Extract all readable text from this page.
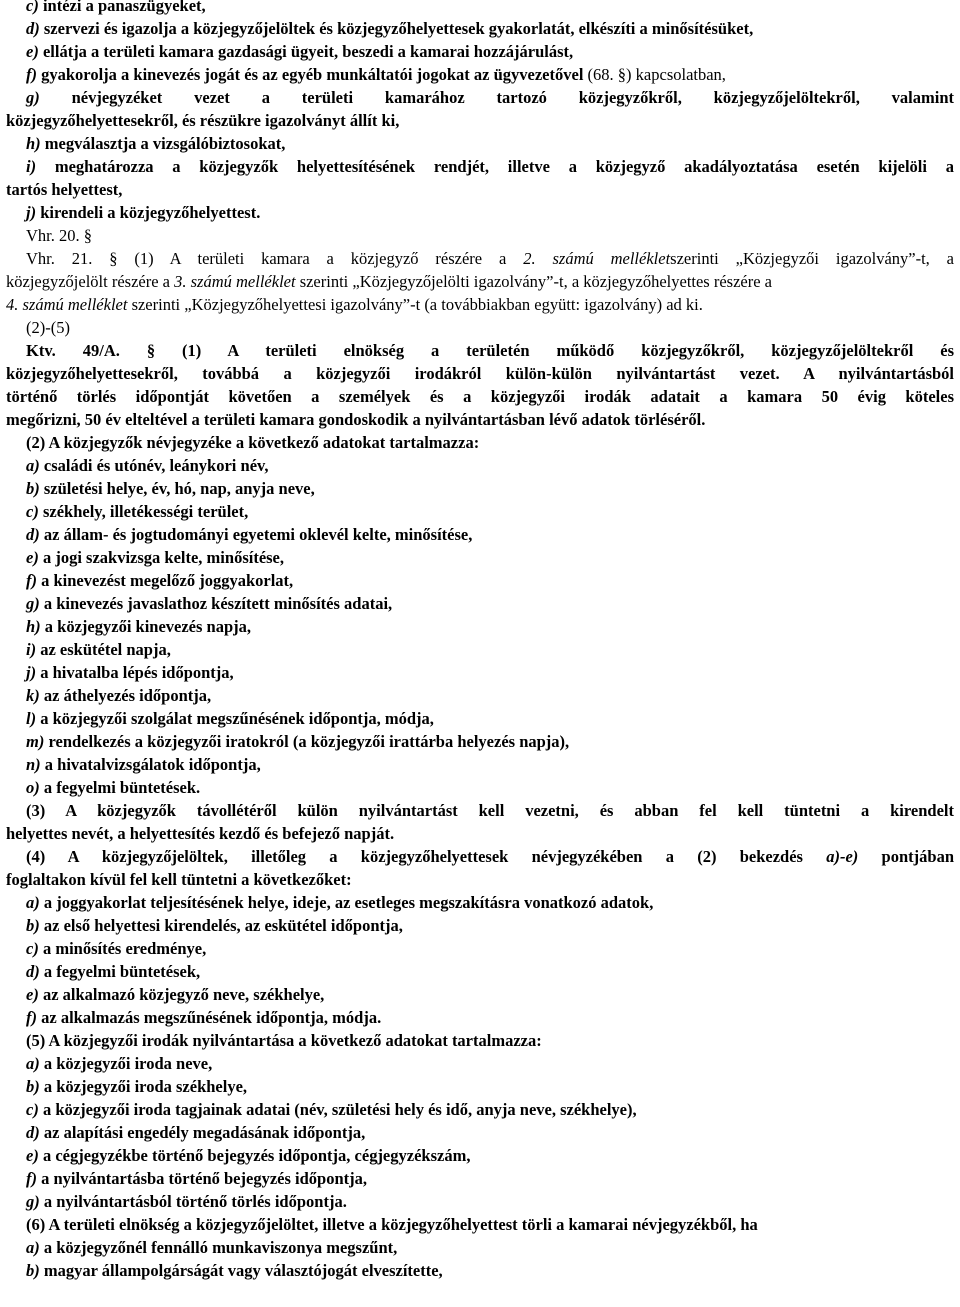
c) intézi a panaszügyeket,
d) szervezi és igazolja a közjegyzőjelöltek és közjegyzőhelyettesek gyakorlatát, elkészíti a minősítésüket,
e) ellátja a területi kamara gazdasági ügyeit, beszedi a kamarai hozzájárulást,
f) gyakorolja a kinevezés jogát és az egyéb munkáltatói jogokat az ügyvezetővel (68. §) kapcsolatban,
g) névjegyzéket vezet a területi kamarához tartozó közjegyzőkről, közjegyzőjelöltekről, valamint
közjegyzőhelyettesekről, és részükre igazolványt állít ki,
h) megválasztja a vizsgálóbiztosokat,
i) meghatározza a közjegyzők helyettesítésének rendjét, illetve a közjegyző akadályoztatása esetén kijelöli a
tartós helyettest,
j) kirendeli a közjegyzőhelyettest.
Vhr. 20. §
Vhr. 21. § (1) A területi kamara a közjegyző részére a 2. számú mellékletszerinti „Közjegyzői igazolvány”-t, a
közjegyzőjelölt részére a 3. számú melléklet szerinti „Közjegyzőjelölti igazolvány”-t, a közjegyzőhelyettes részére a
4. számú melléklet szerinti „Közjegyzőhelyettesi igazolvány”-t (a továbbiakban együtt: igazolvány) ad ki.
(2)-(5)
Ktv. 49/A. § (1) A területi elnökség a területén működő közjegyzőkről, közjegyzőjelöltekről és
közjegyzőhelyettesekről, továbbá a közjegyzői irodákról külön-külön nyilvántartást vezet. A nyilvántartásból
történő törlés időpontját követően a személyek és a közjegyzői irodák adatait a kamara 50 évig köteles
megőrizni, 50 év elteltével a területi kamara gondoskodik a nyilvántartásban lévő adatok törléséről.
(2) A közjegyzők névjegyzéke a következő adatokat tartalmazza:
a) családi és utónév, leánykori név,
b) születési helye, év, hó, nap, anyja neve,
c) székhely, illetékességi terület,
d) az állam- és jogtudományi egyetemi oklevél kelte, minősítése,
e) a jogi szakvizsga kelte, minősítése,
f) a kinevezést megelőző joggyakorlat,
g) a kinevezés javaslathoz készített minősítés adatai,
h) a közjegyzői kinevezés napja,
i) az eskütétel napja,
j) a hivatalba lépés időpontja,
k) az áthelyezés időpontja,
l) a közjegyzői szolgálat megszűnésének időpontja, módja,
m) rendelkezés a közjegyzői iratokról (a közjegyzői irattárba helyezés napja),
n) a hivatalvizsgálatok időpontja,
o) a fegyelmi büntetések.
(3) A közjegyzők távollétéről külön nyilvántartást kell vezetni, és abban fel kell tüntetni a kirendelt
helyettes nevét, a helyettesítés kezdő és befejező napját.
(4) A közjegyzőjelöltek, illetőleg a közjegyzőhelyettesek névjegyzékében a (2) bekezdés a)-e) pontjában
foglaltakon kívül fel kell tüntetni a következőket:
a) a joggyakorlat teljesítésének helye, ideje, az esetleges megszakításra vonatkozó adatok,
b) az első helyettesi kirendelés, az eskütétel időpontja,
c) a minősítés eredménye,
d) a fegyelmi büntetések,
e) az alkalmazó közjegyző neve, székhelye,
f) az alkalmazás megszűnésének időpontja, módja.
(5) A közjegyzői irodák nyilvántartása a következő adatokat tartalmazza:
a) a közjegyzői iroda neve,
b) a közjegyzői iroda székhelye,
c) a közjegyzői iroda tagjainak adatai (név, születési hely és idő, anyja neve, székhelye),
d) az alapítási engedély megadásának időpontja,
e) a cégjegyzékbe történő bejegyzés időpontja, cégjegyzékszám,
f) a nyilvántartásba történő bejegyzés időpontja,
g) a nyilvántartásból történő törlés időpontja.
(6) A területi elnökség a közjegyzőjelöltet, illetve a közjegyzőhelyettest törli a kamarai névjegyzékből, ha
a) a közjegyzőnél fennálló munkaviszonya megszűnt,
b) magyar állampolgárságát vagy választójogát elveszítette,
